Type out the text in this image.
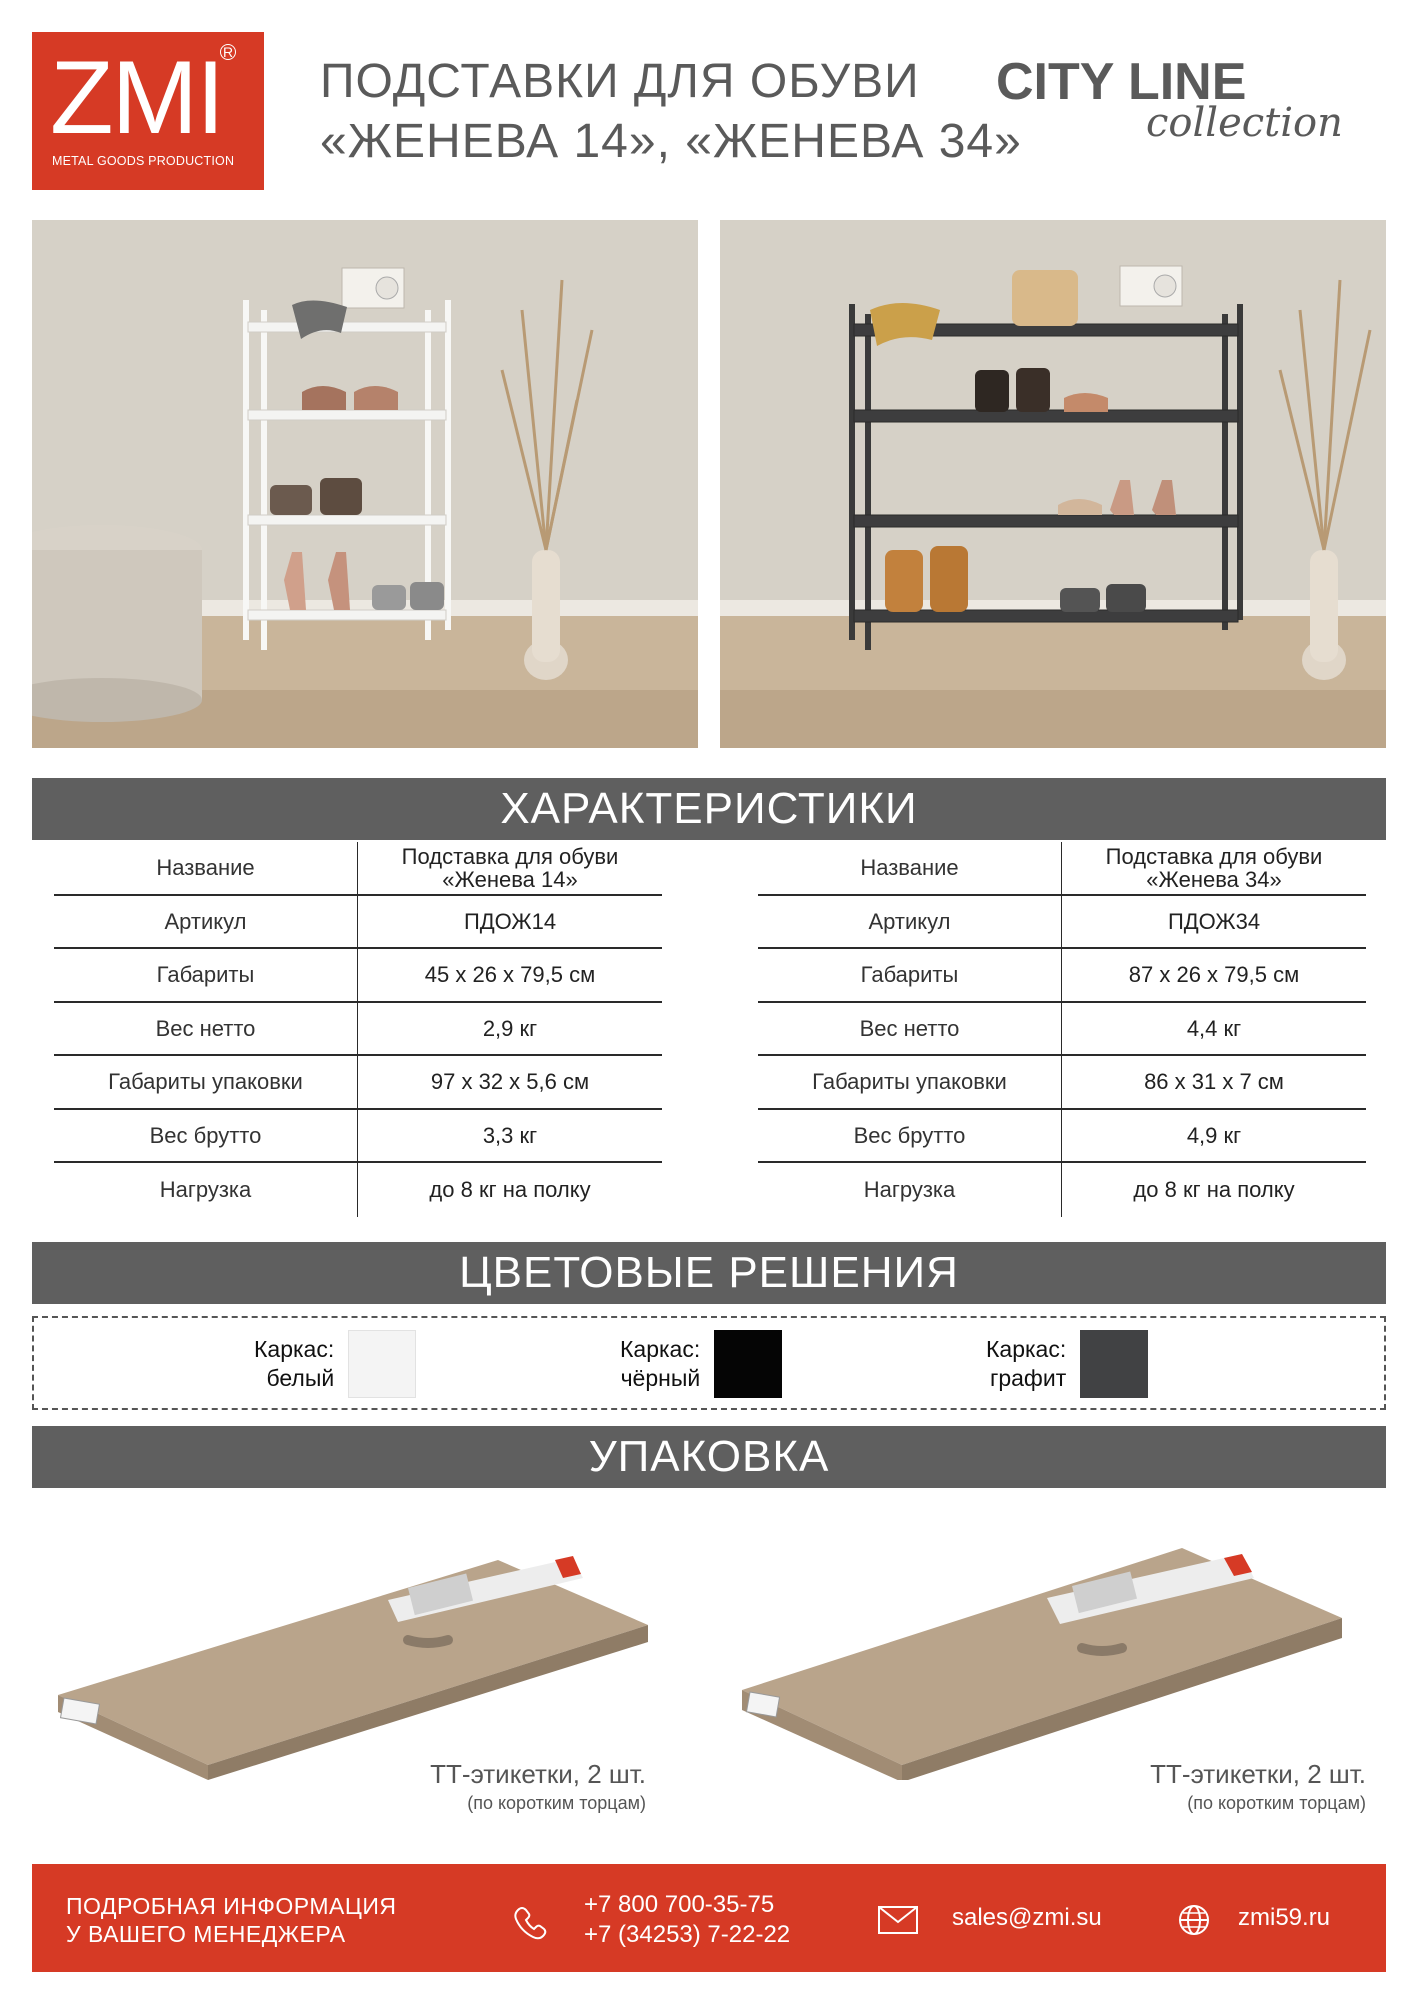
ZMI R
METAL GOODS PRODUCTION
ПОДСТАВКИ ДЛЯ ОБУВИ
«ЖЕНЕВА 14», «ЖЕНЕВА 34»
CITY LINE
collection
ХАРАКТЕРИСТИКИ
Название	Подставка для обуви «Женева 14»
Артикул	ПДОЖ14
Габариты	45 х 26 х 79,5 см
Вес нетто	2,9 кг
Габариты упаковки	97 х 32 х 5,6 см
Вес брутто	3,3 кг
Нагрузка	до 8 кг на полку
Название	Подставка для обуви «Женева 34»
Артикул	ПДОЖ34
Габариты	87 х 26 х 79,5 см
Вес нетто	4,4 кг
Габариты упаковки	86 х 31 х 7 см
Вес брутто	4,9 кг
Нагрузка	до 8 кг на полку
ЦВЕТОВЫЕ РЕШЕНИЯ
Каркас:
белый
Каркас:
чёрный
Каркас:
графит
УПАКОВКА
ТТ-этикетки, 2 шт.
(по коротким торцам)
ТТ-этикетки, 2 шт.
(по коротким торцам)
ПОДРОБНАЯ ИНФОРМАЦИЯ
У ВАШЕГО МЕНЕДЖЕРА
+7 800 700-35-75
+7 (34253) 7-22-22
sales@zmi.su	zmi59.ru
